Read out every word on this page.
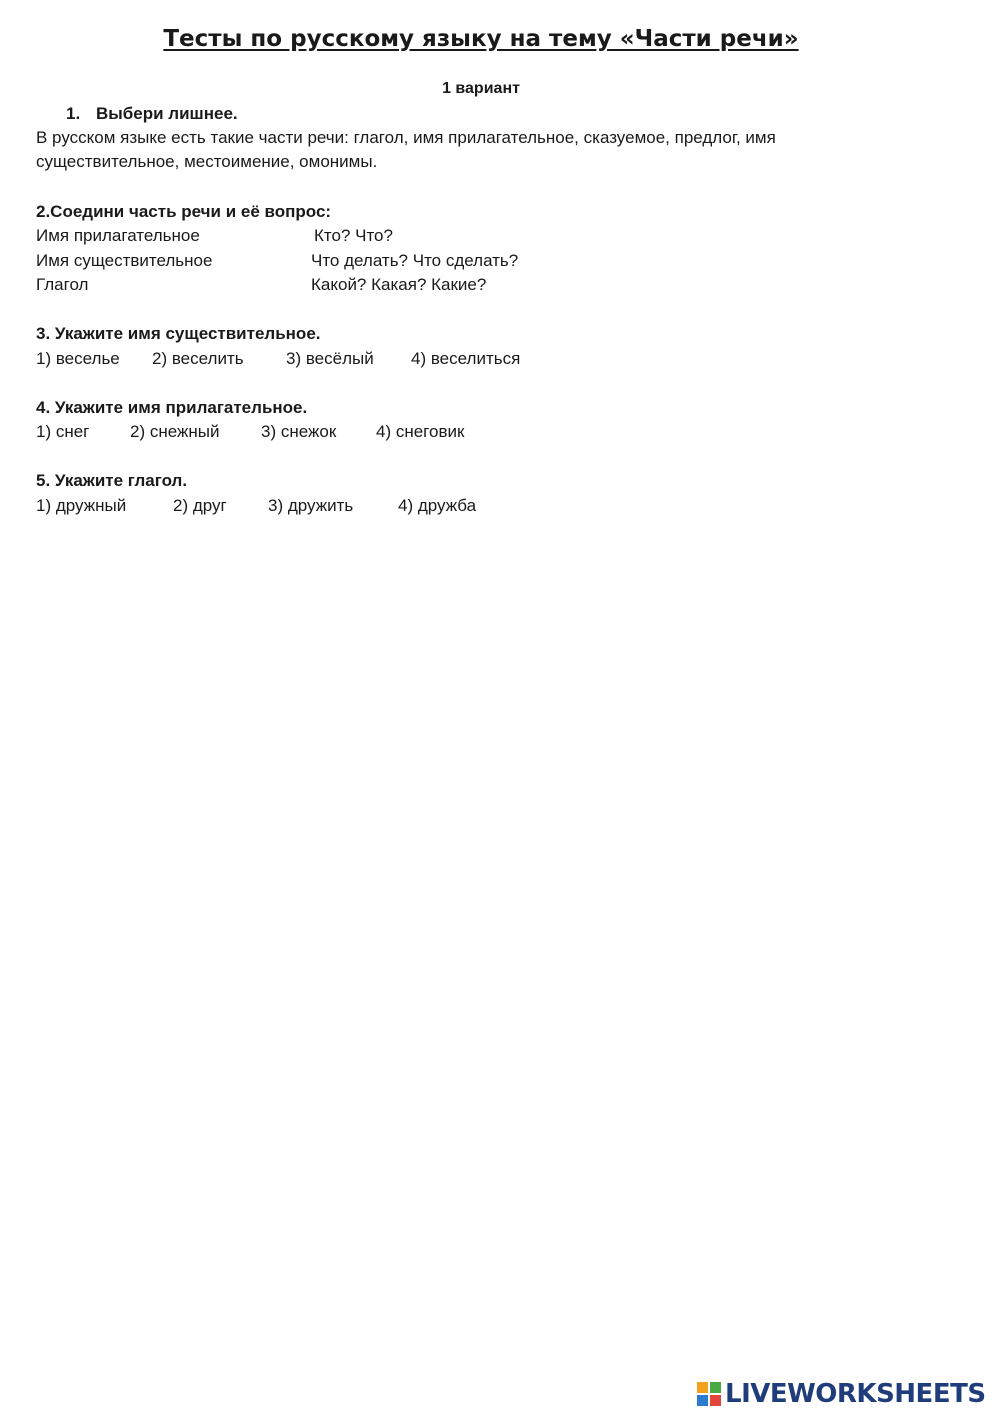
Тесты по русскому языку на тему «Части речи»
1 вариант
1. Выбери лишнее.
В русском языке есть такие части речи: глагол, имя прилагательное, сказуемое, предлог, имя
существительное, местоимение, омонимы.
2.Соедини часть речи и её вопрос:
Имя прилагательное	Кто? Что?
Имя существительное	Что делать? Что сделать?
Глагол	Какой? Какая? Какие?
3. Укажите имя существительное.
1) веселье 2) веселить 3) весёлый 4) веселиться
4. Укажите имя прилагательное.
1) снег 2) снежный 3) снежок 4) снеговик
5. Укажите глагол.
1) дружный	2) друг 3) дружить	4) дружба
LIVEWORKSHEETS
